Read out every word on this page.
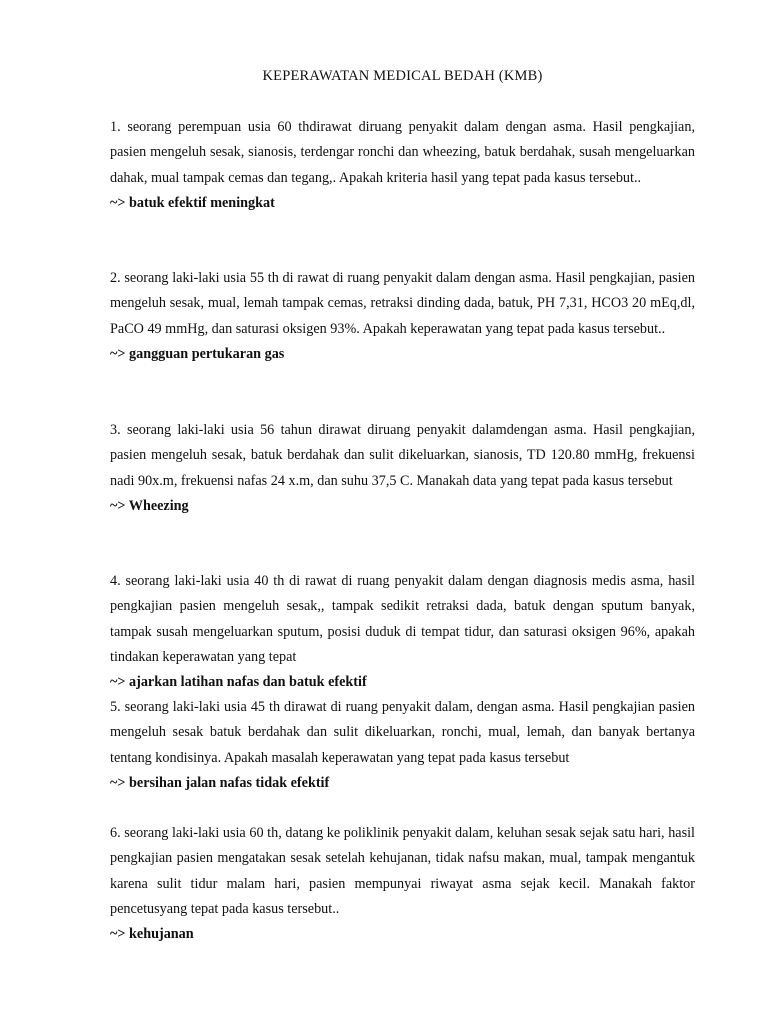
KEPERAWATAN MEDICAL BEDAH (KMB)

1. seorang perempuan usia 60 thdirawat diruang penyakit dalam dengan asma. Hasil pengkajian, pasien mengeluh sesak, sianosis, terdengar ronchi dan wheezing, batuk berdahak, susah mengeluarkan dahak, mual tampak cemas dan tegang,. Apakah kriteria hasil yang tepat pada kasus tersebut..

~> batuk efektif meningkat

2. seorang laki-laki usia 55 th di rawat di ruang penyakit dalam dengan asma. Hasil pengkajian, pasien mengeluh sesak, mual, lemah tampak cemas, retraksi dinding dada, batuk, PH 7,31, HCO3 20 mEq,dl, PaCO 49 mmHg, dan saturasi oksigen 93%. Apakah keperawatan yang tepat pada kasus tersebut..

~> gangguan pertukaran gas

3. seorang laki-laki usia 56 tahun dirawat diruang penyakit dalamdengan asma. Hasil pengkajian, pasien mengeluh sesak, batuk berdahak dan sulit dikeluarkan, sianosis, TD 120.80 mmHg, frekuensi nadi 90x.m, frekuensi nafas 24 x.m, dan suhu 37,5 C. Manakah data yang tepat pada kasus tersebut

~> Wheezing

4. seorang laki-laki usia 40 th di rawat di ruang penyakit dalam dengan diagnosis medis asma, hasil pengkajian pasien mengeluh sesak,, tampak sedikit retraksi dada, batuk dengan sputum banyak, tampak susah mengeluarkan sputum, posisi duduk di tempat tidur, dan saturasi oksigen 96%, apakah tindakan keperawatan yang tepat

~> ajarkan latihan nafas dan batuk efektif

5. seorang laki-laki usia 45 th dirawat di ruang penyakit dalam, dengan asma. Hasil pengkajian pasien mengeluh sesak batuk berdahak dan sulit dikeluarkan, ronchi, mual, lemah, dan banyak bertanya tentang kondisinya. Apakah masalah keperawatan yang tepat pada kasus tersebut

~> bersihan jalan nafas tidak efektif

6. seorang laki-laki usia 60 th, datang ke poliklinik penyakit dalam, keluhan sesak sejak satu hari, hasil pengkajian pasien mengatakan sesak setelah kehujanan, tidak nafsu makan, mual, tampak mengantuk karena sulit tidur malam hari, pasien mempunyai riwayat asma sejak kecil. Manakah faktor pencetusyang tepat pada kasus tersebut..

~> kehujanan
